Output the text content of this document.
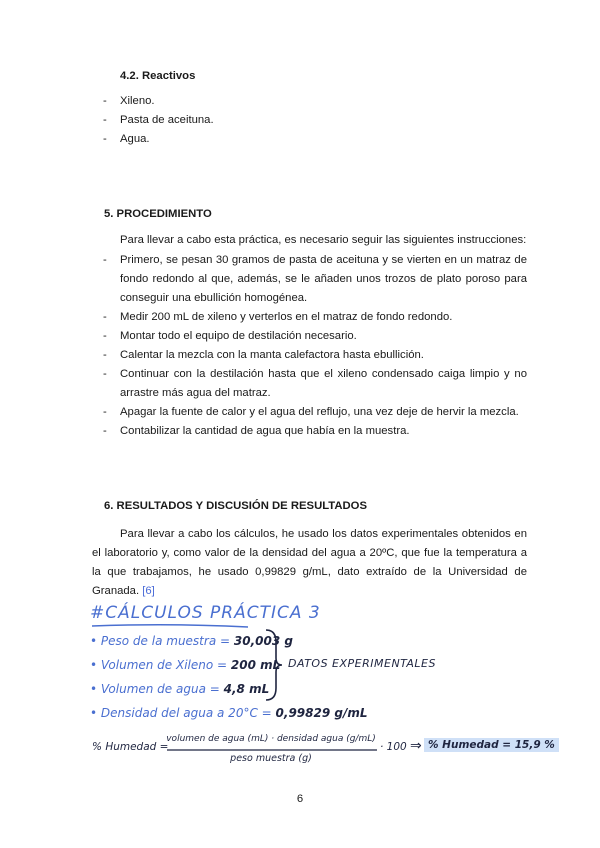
4.2. Reactivos
- Xileno.
- Pasta de aceituna.
- Agua.
5. PROCEDIMIENTO
Para llevar a cabo esta práctica, es necesario seguir las siguientes instrucciones:
- Primero, se pesan 30 gramos de pasta de aceituna y se vierten en un matraz de fondo redondo al que, además, se le añaden unos trozos de plato poroso para conseguir una ebullición homogénea.
- Medir 200 mL de xileno y verterlos en el matraz de fondo redondo.
- Montar todo el equipo de destilación necesario.
- Calentar la mezcla con la manta calefactora hasta ebullición.
- Continuar con la destilación hasta que el xileno condensado caiga limpio y no arrastre más agua del matraz.
- Apagar la fuente de calor y el agua del reflujo, una vez deje de hervir la mezcla.
- Contabilizar la cantidad de agua que había en la muestra.
6. RESULTADOS Y DISCUSIÓN DE RESULTADOS
Para llevar a cabo los cálculos, he usado los datos experimentales obtenidos en el laboratorio y, como valor de la densidad del agua a 20ºC, que fue la temperatura a la que trabajamos, he usado 0,99829 g/mL, dato extraído de la Universidad de Granada. [6]
#CÁLCULOS PRÁCTICA 3
• Peso de la muestra = 30,003 g
• Volumen de Xileno = 200 mL
• Volumen de agua = 4,8 mL
• Densidad del agua a 20°C = 0,99829 g/mL
DATOS EXPERIMENTALES
% Humedad =
volumen de agua (mL) · densidad agua (g/mL)
peso muestra (g)
· 100 ⇒ % Humedad = 15,9 %
6
